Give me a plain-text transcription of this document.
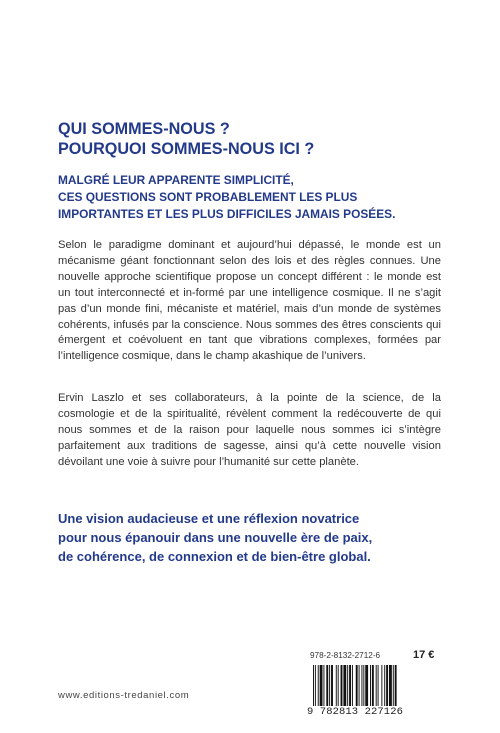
QUI SOMMES-NOUS ?
POURQUOI SOMMES-NOUS ICI ?
MALGRÉ LEUR APPARENTE SIMPLICITÉ,
CES QUESTIONS SONT PROBABLEMENT LES PLUS
IMPORTANTES ET LES PLUS DIFFICILES JAMAIS POSÉES.
Selon le paradigme dominant et aujourd’hui dépassé, le monde est un mécanisme géant fonctionnant selon des lois et des règles connues. Une nouvelle approche scientifique propose un concept différent : le monde est un tout interconnecté et in-formé par une intelligence cosmique. Il ne s’agit pas d’un monde fini, mécaniste et matériel, mais d’un monde de systèmes cohérents, infusés par la conscience. Nous sommes des êtres conscients qui émergent et coévoluent en tant que vibrations complexes, formées par l’intelligence cosmique, dans le champ akashique de l’univers.
Ervin Laszlo et ses collaborateurs, à la pointe de la science, de la cosmologie et de la spiritualité, révèlent comment la redécouverte de qui nous sommes et de la raison pour laquelle nous sommes ici s’intègre parfaitement aux traditions de sagesse, ainsi qu’à cette nouvelle vision dévoilant une voie à suivre pour l’humanité sur cette planète.
Une vision audacieuse et une réflexion novatrice
pour nous épanouir dans une nouvelle ère de paix,
de cohérence, de connexion et de bien-être global.
www.editions-tredaniel.com
978-2-8132-2712-6	17 €
9 782813 227126
